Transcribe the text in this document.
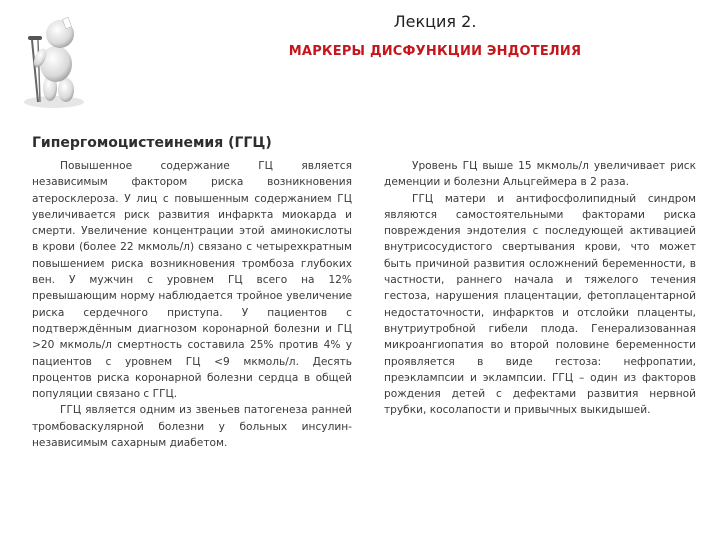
Лекция 2.
МАРКЕРЫ ДИСФУНКЦИИ ЭНДОТЕЛИЯ
Гипергомоцистеинемия (ГГЦ)

Повышенное содержание ГЦ является независимым фактором риска возникновения атеросклероза. У лиц с повышенным содержанием ГЦ увеличивается риск развития инфаркта миокарда и смерти. Увеличение концентрации этой аминокислоты в крови (более 22 мкмоль/л) связано с четырехкратным повышением риска возникновения тромбоза глубоких вен. У мужчин с уровнем ГЦ всего на 12% превышающим норму наблюдается тройное увеличение риска сердечного приступа. У пациентов с подтверждённым диагнозом коронарной болезни и ГЦ >20 мкмоль/л смертность составила 25% против 4% у пациентов с уровнем ГЦ <9 мкмоль/л. Десять процентов риска коронарной болезни сердца в общей популяции связано с ГГЦ.

ГГЦ является одним из звеньев патогенеза ранней тромбоваскулярной болезни у больных инсулин-независимым сахарным диабетом.

Уровень ГЦ выше 15 мкмоль/л увеличивает риск деменции и болезни Альцгеймера в 2 раза.

ГГЦ матери и антифосфолипидный синдром являются самостоятельными факторами риска повреждения эндотелия с последующей активацией внутрисосудистого свертывания крови, что может быть причиной развития осложнений беременности, в частности, раннего начала и тяжелого течения гестоза, нарушения плацентации, фетоплацентарной недостаточности, инфарктов и отслойки плаценты, внутриутробной гибели плода. Генерализованная микроангиопатия во второй половине беременности проявляется в виде гестоза: нефропатии, преэклампсии и эклампсии. ГГЦ – один из факторов рождения детей с дефектами развития нервной трубки, косолапости и привычных выкидышей.
